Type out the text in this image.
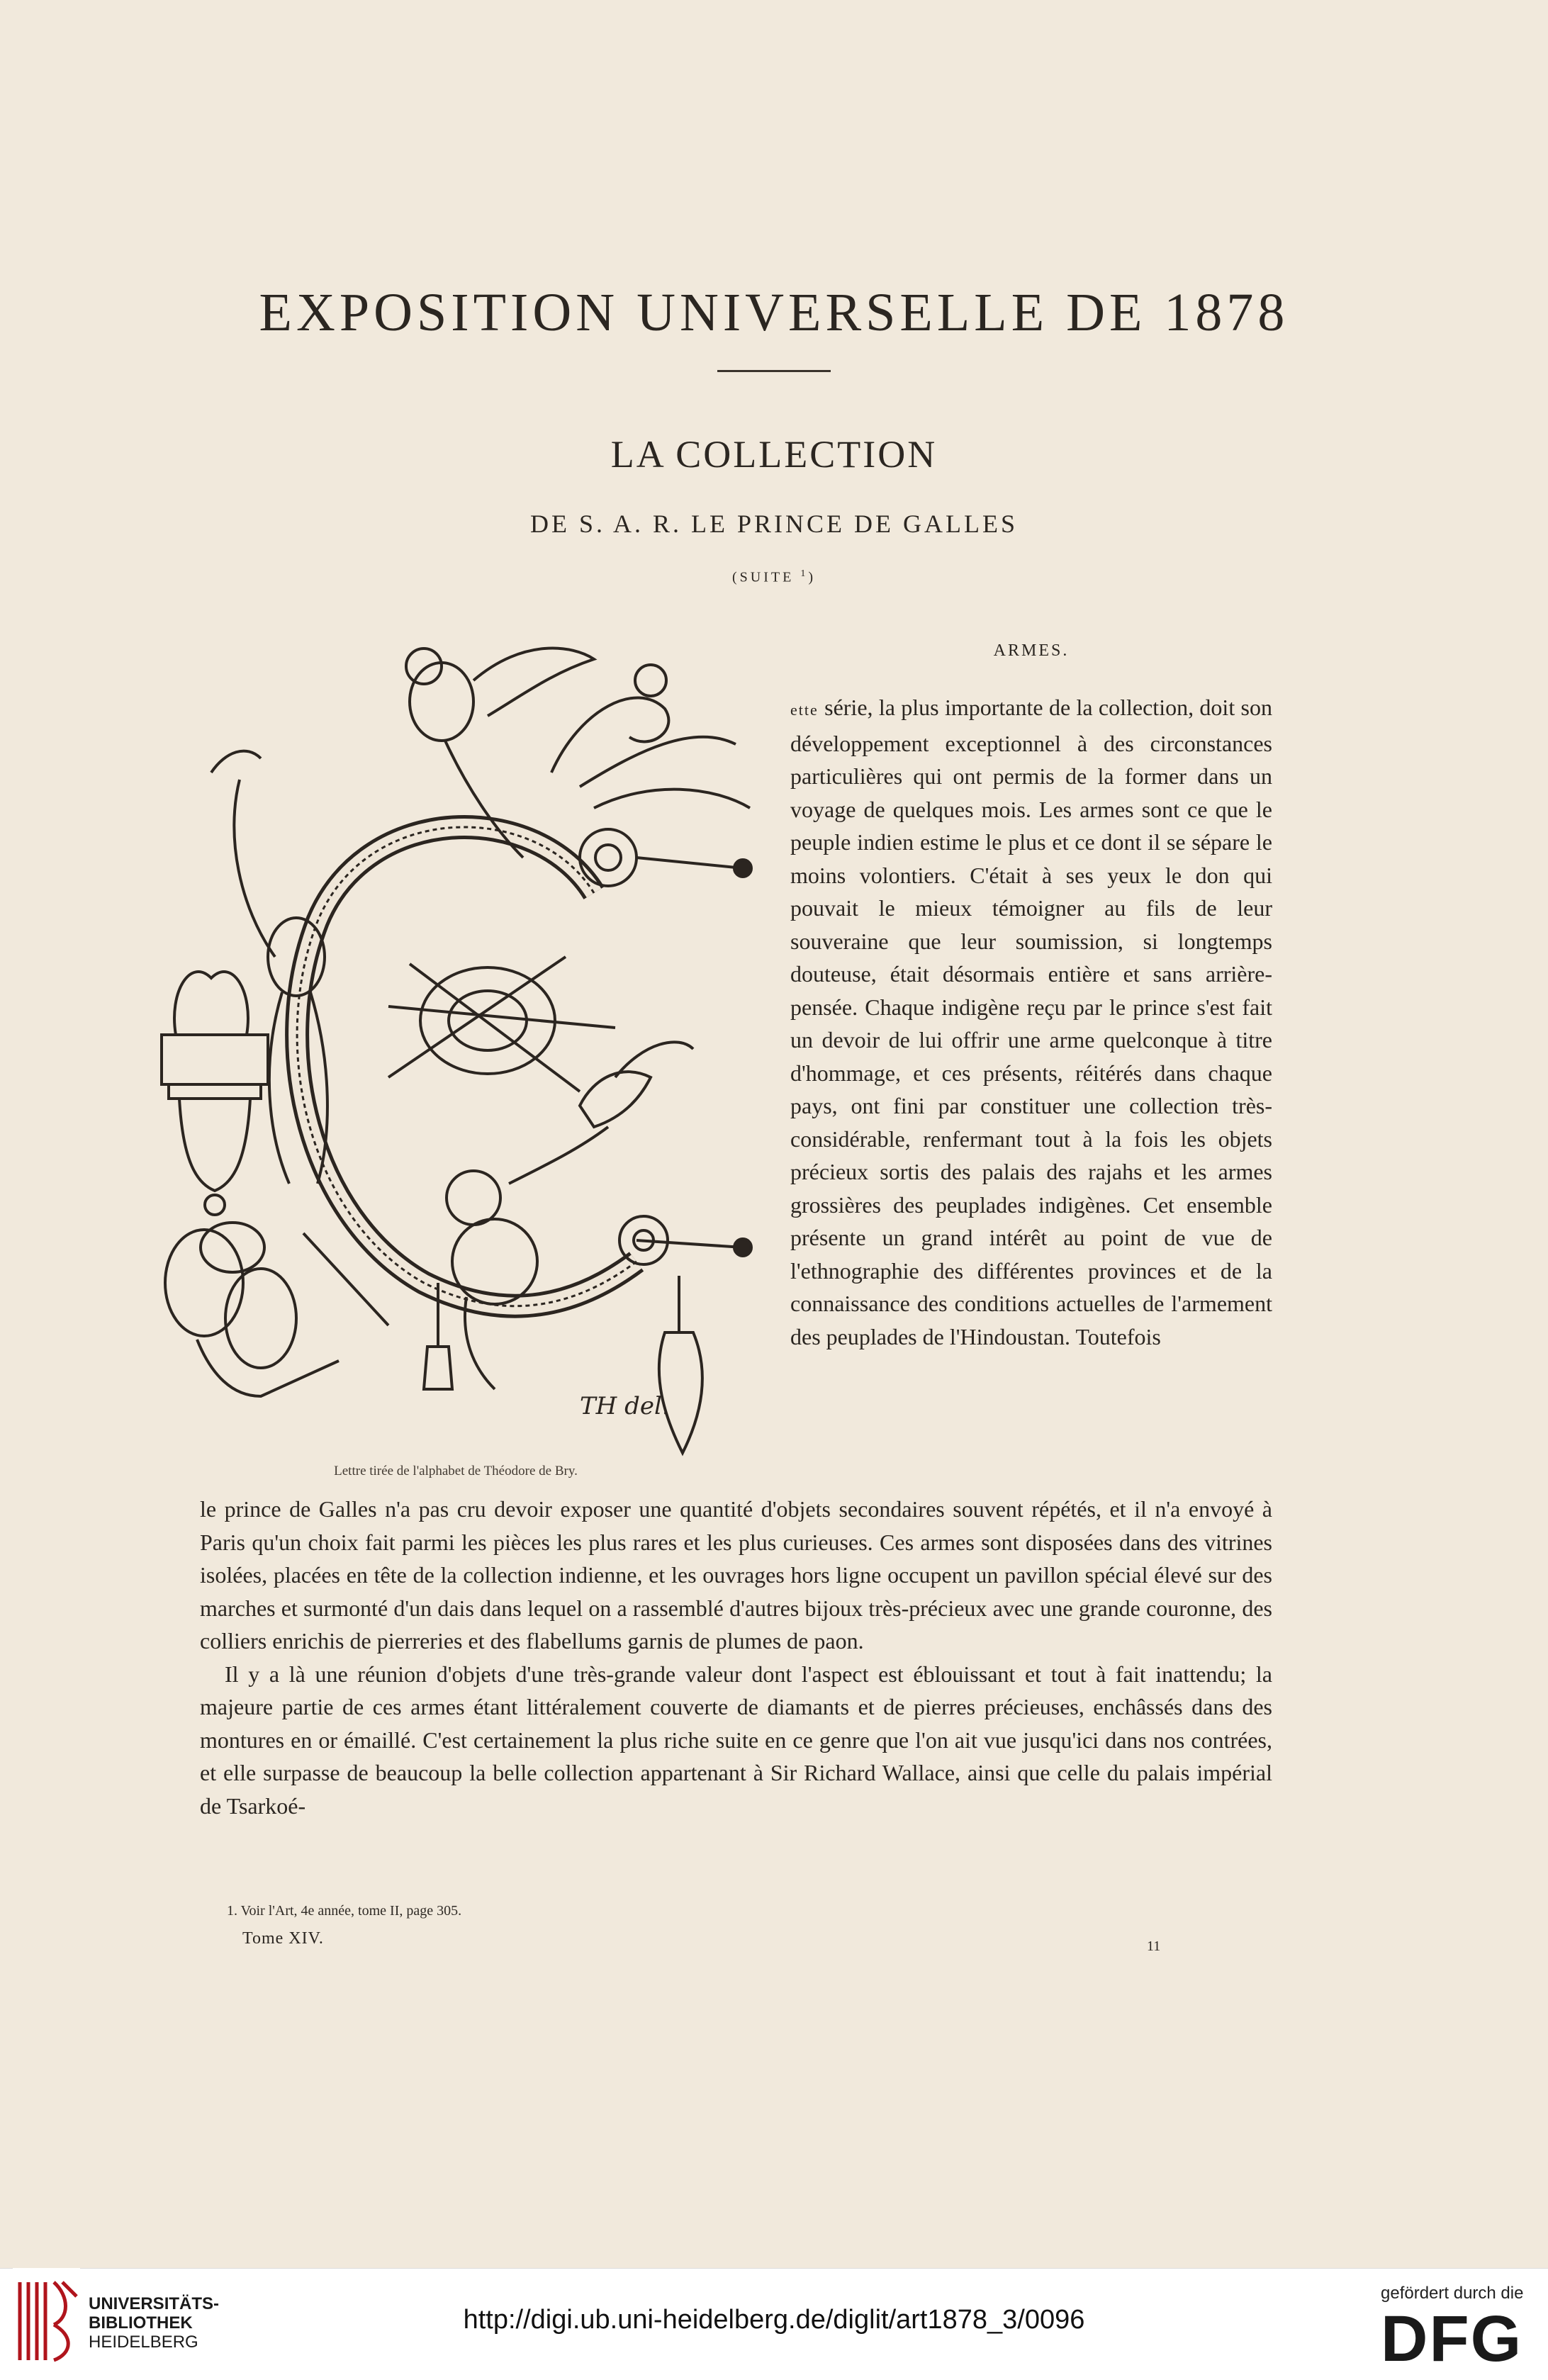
EXPOSITION UNIVERSELLE DE 1878
LA COLLECTION
DE S. A. R. LE PRINCE DE GALLES
(SUITE $^1$)
TH del.
Lettre tirée de l'alphabet de Théodore de Bry.
ARMES.

ette série, la plus importante de la collection, doit son développement exceptionnel à des circonstances particulières qui ont permis de la former dans un voyage de quelques mois. Les armes sont ce que le peuple indien estime le plus et ce dont il se sépare le moins volontiers. C'était à ses yeux le don qui pouvait le mieux témoigner au fils de leur souveraine que leur soumission, si longtemps douteuse, était désormais entière et sans arrière-pensée. Chaque indigène reçu par le prince s'est fait un devoir de lui offrir une arme quelconque à titre d'hommage, et ces présents, réitérés dans chaque pays, ont fini par constituer une collection très-considérable, renfermant tout à la fois les objets précieux sortis des palais des rajahs et les armes grossières des peuplades indigènes. Cet ensemble présente un grand intérêt au point de vue de l'ethnographie des différentes provinces et de la connaissance des conditions actuelles de l'armement des peuplades de l'Hindoustan. Toutefois

le prince de Galles n'a pas cru devoir exposer une quantité d'objets secondaires souvent répétés, et il n'a envoyé à Paris qu'un choix fait parmi les pièces les plus rares et les plus curieuses. Ces armes sont disposées dans des vitrines isolées, placées en tête de la collection indienne, et les ouvrages hors ligne occupent un pavillon spécial élevé sur des marches et surmonté d'un dais dans lequel on a rassemblé d'autres bijoux très-précieux avec une grande couronne, des colliers enrichis de pierreries et des flabellums garnis de plumes de paon.

Il y a là une réunion d'objets d'une très-grande valeur dont l'aspect est éblouissant et tout à fait inattendu; la majeure partie de ces armes étant littéralement couverte de diamants et de pierres précieuses, enchâssés dans des montures en or émaillé. C'est certainement la plus riche suite en ce genre que l'on ait vue jusqu'ici dans nos contrées, et elle surpasse de beaucoup la belle collection appartenant à Sir Richard Wallace, ainsi que celle du palais impérial de Tsarkoé-

1. Voir l'Art, 4e année, tome II, page 305.
Tome XIV.	11
UNIVERSITÄTS-
BIBLIOTHEK
HEIDELBERG
http://digi.ub.uni-heidelberg.de/diglit/art1878_3/0096
gefördert durch die
DFG
